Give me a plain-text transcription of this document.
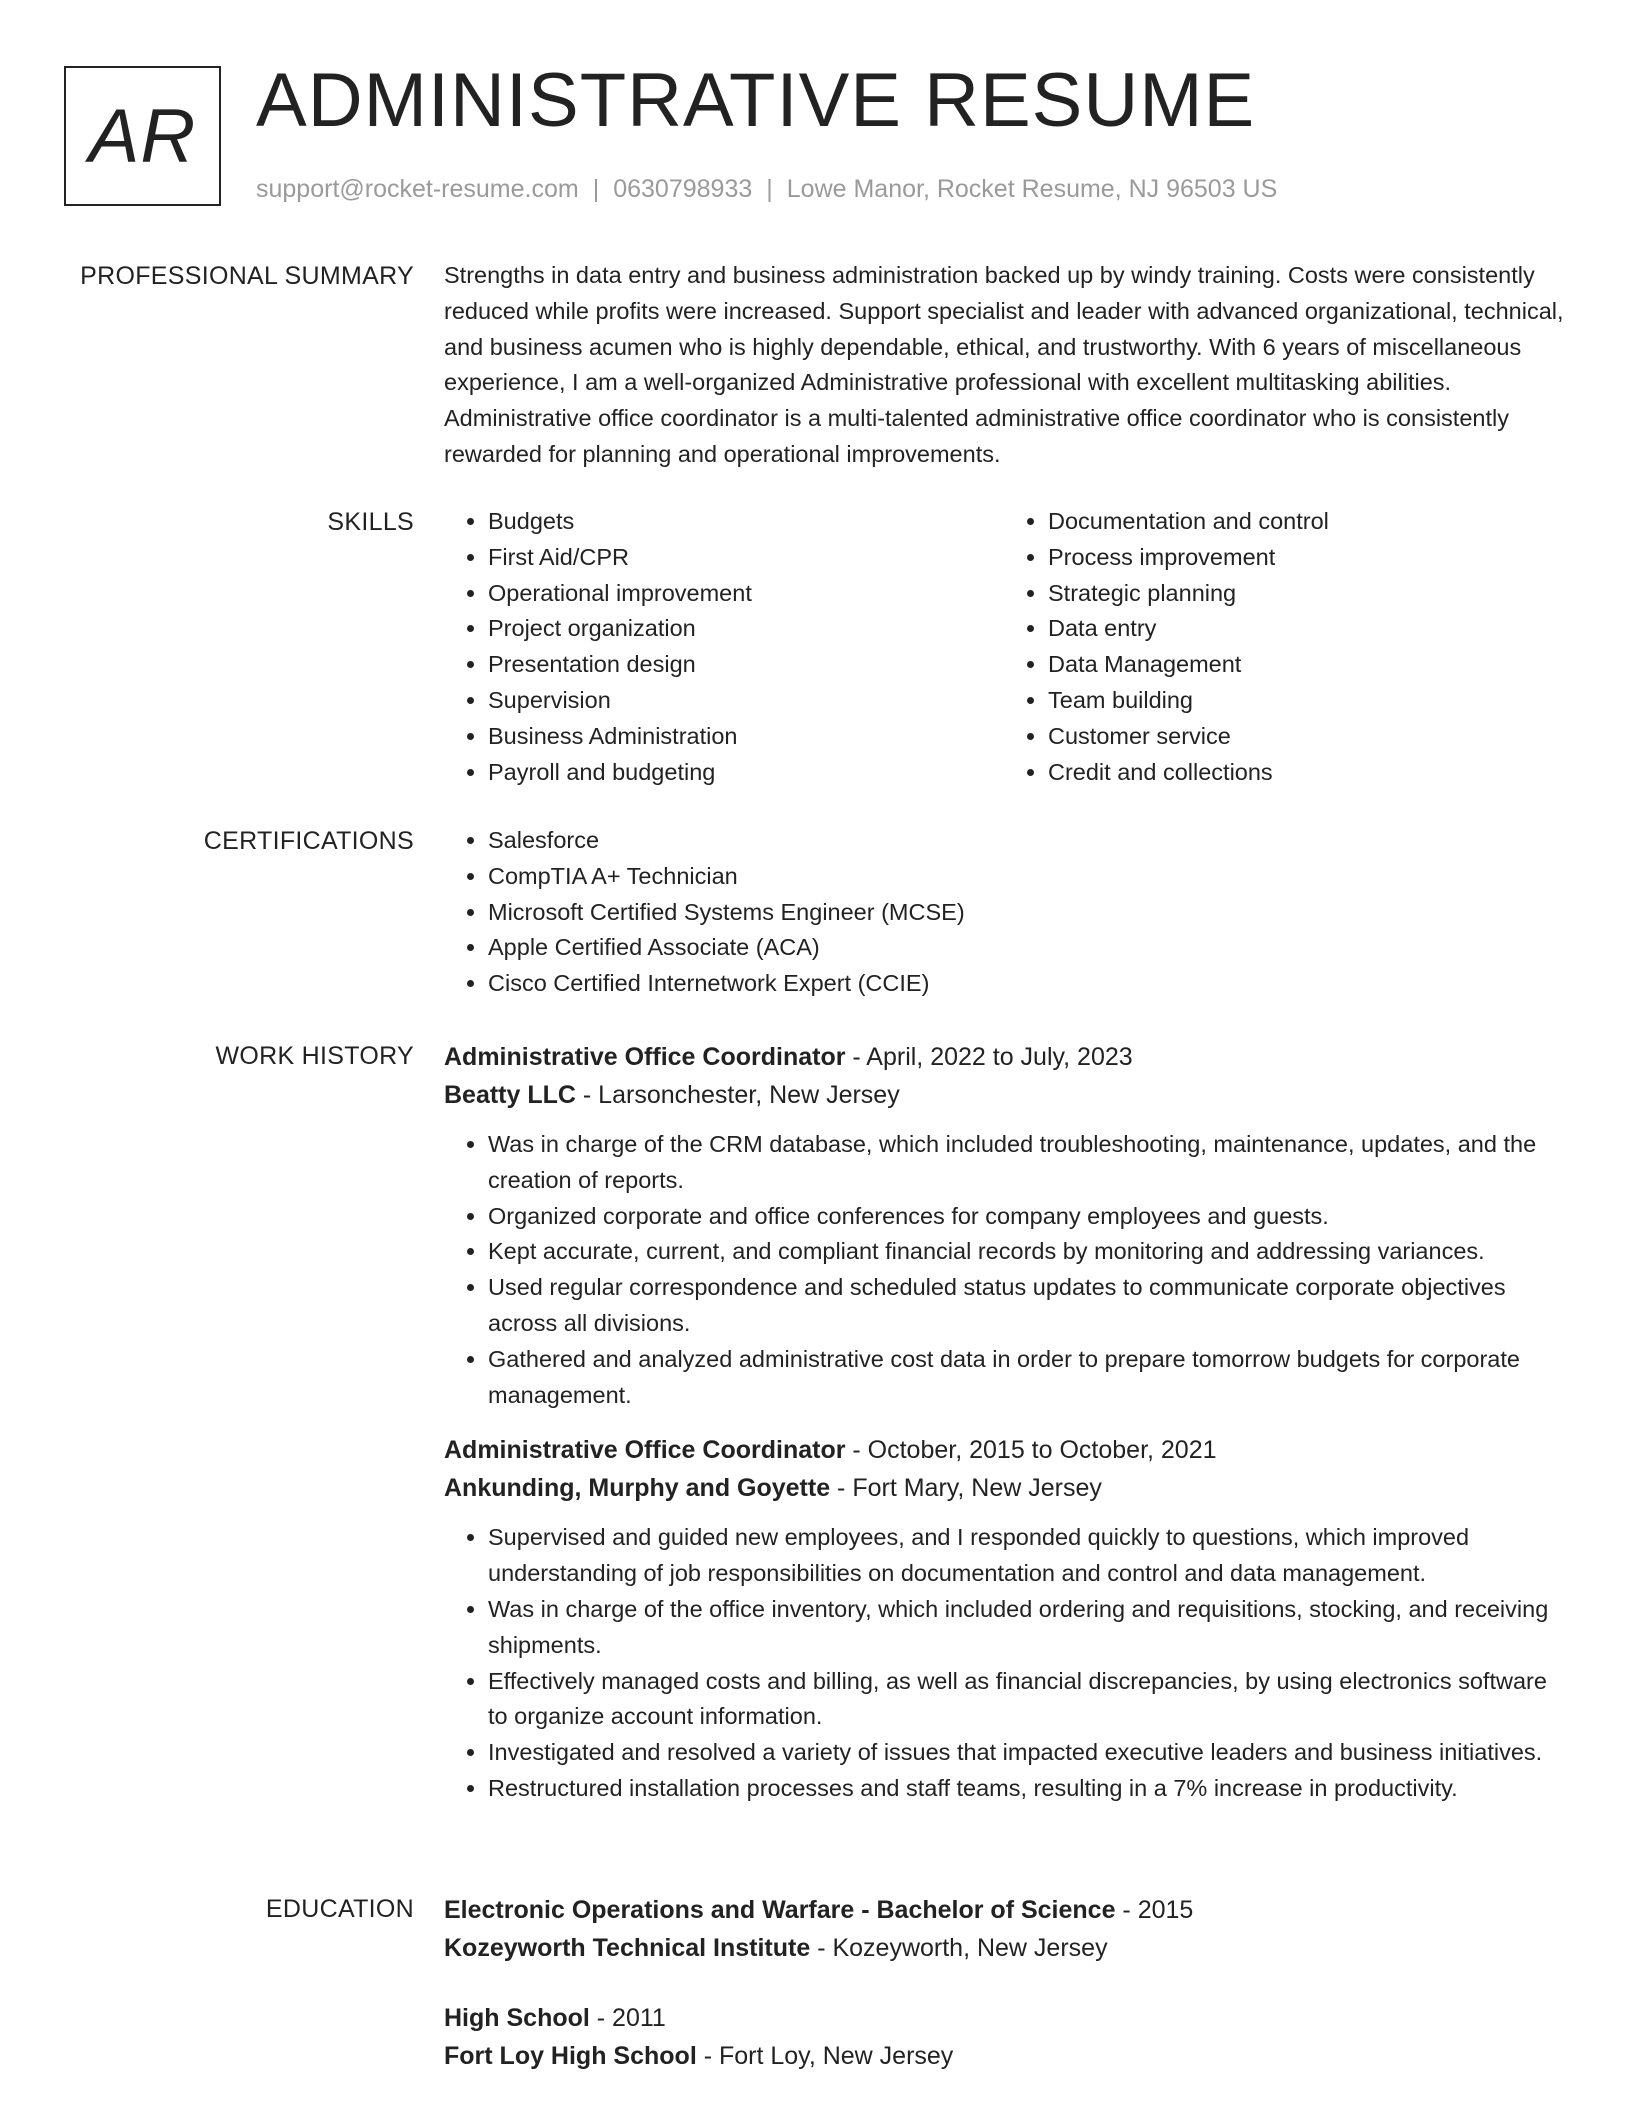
AR ADMINISTRATIVE RESUME
support@rocket-resume.com | 0630798933 | Lowe Manor, Rocket Resume, NJ 96503 US
PROFESSIONAL SUMMARY Strengths in data entry and business administration backed up by windy training. Costs were consistently reduced while profits were increased. Support specialist and leader with advanced organizational, technical, and business acumen who is highly dependable, ethical, and trustworthy. With 6 years of miscellaneous experience, I am a well-organized Administrative professional with excellent multitasking abilities. Administrative office coordinator is a multi-talented administrative office coordinator who is consistently rewarded for planning and operational improvements.
SKILLS	• Budgets
• First Aid/CPR
• Operational improvement
• Project organization
• Presentation design
• Supervision
• Business Administration
• Payroll and budgeting
• Documentation and control
• Process improvement
• Strategic planning
• Data entry
• Data Management
• Team building
• Customer service
• Credit and collections
CERTIFICATIONS	• Salesforce
• CompTIA A+ Technician
• Microsoft Certified Systems Engineer (MCSE)
• Apple Certified Associate (ACA)
• Cisco Certified Internetwork Expert (CCIE)
WORK HISTORY Administrative Office Coordinator - April, 2022 to July, 2023
Beatty LLC - Larsonchester, New Jersey
• Was in charge of the CRM database, which included troubleshooting, maintenance, updates, and the creation of reports.
• Organized corporate and office conferences for company employees and guests.
• Kept accurate, current, and compliant financial records by monitoring and addressing variances.
• Used regular correspondence and scheduled status updates to communicate corporate objectives across all divisions.
• Gathered and analyzed administrative cost data in order to prepare tomorrow budgets for corporate management.
Administrative Office Coordinator - October, 2015 to October, 2021
Ankunding, Murphy and Goyette - Fort Mary, New Jersey
• Supervised and guided new employees, and I responded quickly to questions, which improved understanding of job responsibilities on documentation and control and data management.
• Was in charge of the office inventory, which included ordering and requisitions, stocking, and receiving shipments.
• Effectively managed costs and billing, as well as financial discrepancies, by using electronics software to organize account information.
• Investigated and resolved a variety of issues that impacted executive leaders and business initiatives.
• Restructured installation processes and staff teams, resulting in a 7% increase in productivity.
EDUCATION Electronic Operations and Warfare - Bachelor of Science - 2015
Kozeyworth Technical Institute - Kozeyworth, New Jersey
High School - 2011
Fort Loy High School - Fort Loy, New Jersey
